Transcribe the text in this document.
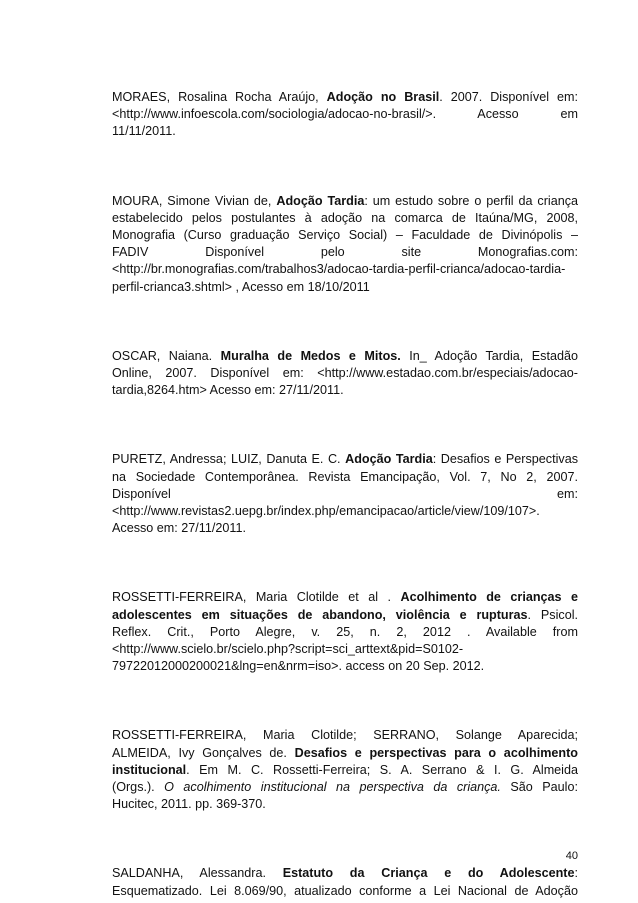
MORAES, Rosalina Rocha Araújo, Adoção no Brasil. 2007. Disponível em:
<http://www.infoescola.com/sociologia/adocao-no-brasil/>. Acesso em
11/11/2011.

MOURA, Simone Vivian de, Adoção Tardia: um estudo sobre o perfil da criança
estabelecido pelos postulantes à adoção na comarca de Itaúna/MG, 2008,
Monografia (Curso graduação Serviço Social) – Faculdade de Divinópolis –
FADIV Disponível pelo site Monografias.com:
<http://br.monografias.com/trabalhos3/adocao-tardia-perfil-crianca/adocao-tardia-
perfil-crianca3.shtml> , Acesso em 18/10/2011

OSCAR, Naiana. Muralha de Medos e Mitos. In_ Adoção Tardia, Estadão
Online, 2007. Disponível em: <http://www.estadao.com.br/especiais/adocao-
tardia,8264.htm> Acesso em: 27/11/2011.

PURETZ, Andressa; LUIZ, Danuta E. C. Adoção Tardia: Desafios e Perspectivas
na Sociedade Contemporânea. Revista Emancipação, Vol. 7, No 2, 2007.
Disponível em:
<http://www.revistas2.uepg.br/index.php/emancipacao/article/view/109/107>.
Acesso em: 27/11/2011.

ROSSETTI-FERREIRA, Maria Clotilde et al . Acolhimento de crianças e
adolescentes em situações de abandono, violência e rupturas. Psicol.
Reflex. Crit., Porto Alegre, v. 25, n. 2, 2012 . Available from
<http://www.scielo.br/scielo.php?script=sci_arttext&pid=S0102-
79722012000200021&lng=en&nrm=iso>. access on 20 Sep. 2012.

ROSSETTI-FERREIRA, Maria Clotilde; SERRANO, Solange Aparecida;
ALMEIDA, Ivy Gonçalves de. Desafios e perspectivas para o acolhimento
institucional. Em M. C. Rossetti-Ferreira; S. A. Serrano & I. G. Almeida
(Orgs.). O acolhimento institucional na perspectiva da criança. São Paulo:
Hucitec, 2011. pp. 369-370.

SALDANHA, Alessandra. Estatuto da Criança e do Adolescente:
Esquematizado. Lei 8.069/90, atualizado conforme a Lei Nacional de Adoção

40
